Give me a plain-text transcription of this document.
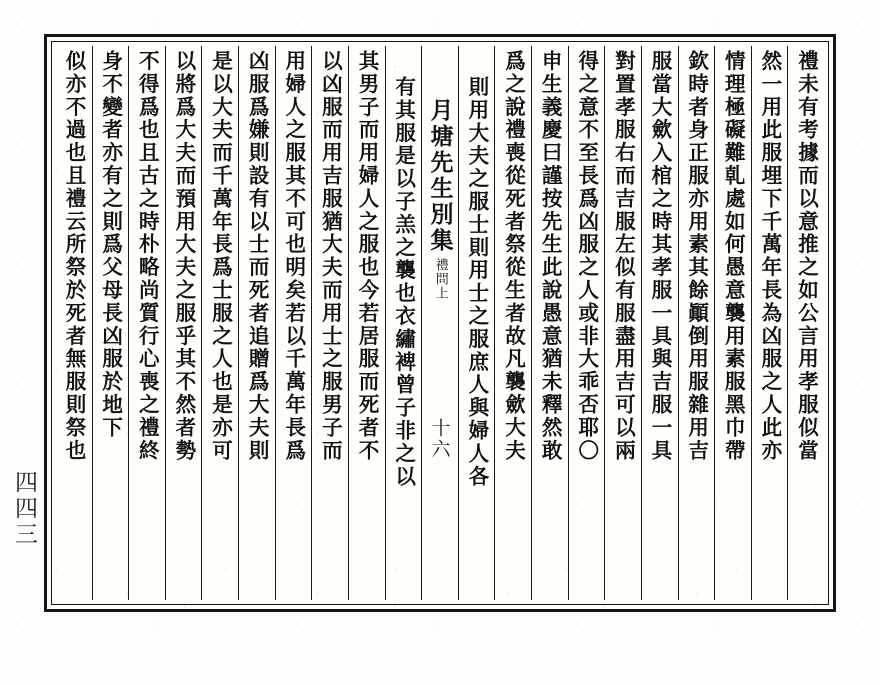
四四三
禮未有考據而以意推之如公言用孝服似當
然一用此服埋下千萬年長為凶服之人此亦
情理極礙難乹處如何愚意襲用素服黑巾帶
欽時者身正服亦用素其餘顚倒用服雜用吉
服當大歛入棺之時其孝服一具與吉服一具
對置孝服右而吉服左似有服盡用吉可以兩
得之意不至長爲凶服之人或非大乖否耶〇
申生義慶曰謹按先生此說愚意猶未釋然敢
爲之說禮喪從死者祭從生者故凡襲歛大夫
則用大夫之服士則用士之服庶人與婦人各
月塘先生別集
禮問上
十六
有其服是以子羔之襲也衣繡裨曾子非之以
其男子而用婦人之服也今若居服而死者不
以凶服而用吉服猶大夫而用士之服男子而
用婦人之服其不可也明矣若以千萬年長爲
凶服爲嫌則設有以士而死者追贈爲大夫則
是以大夫而千萬年長爲士服之人也是亦可
以將爲大夫而預用大夫之服乎其不然者勢
不得爲也且古之時朴略尚質行心喪之禮終
身不變者亦有之則爲父母長凶服於地下
似亦不過也且禮云所祭於死者無服則祭也
